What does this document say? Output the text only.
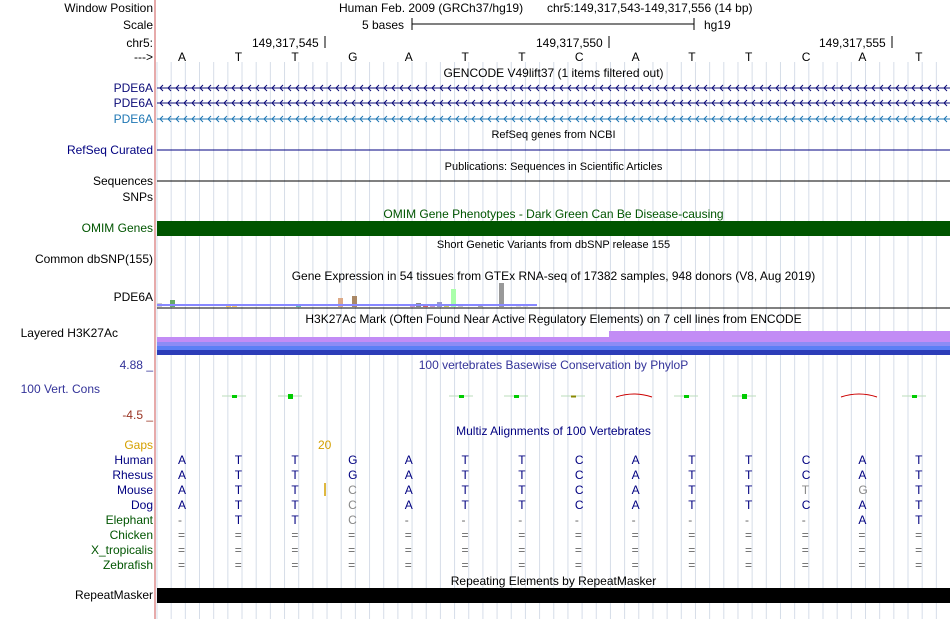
Window Position
Scale
chr5:
--->
Human Feb. 2009 (GRCh37/hg19) chr5:149,317,543-149,317,556 (14 bp)
5 bases	hg19
149,317,545	149,317,550	149,317,555
A	T	T	G	A	T	T	C	A	T	T	C	A	T
GENCODE V49lift37 (1 items filtered out)
PDE6A
PDE6A
PDE6A
RefSeq genes from NCBI
RefSeq Curated
Publications: Sequences in Scientific Articles
Sequences
SNPs
OMIM Gene Phenotypes - Dark Green Can Be Disease-causing
OMIM Genes
Short Genetic Variants from dbSNP release 155
Common dbSNP(155)
Gene Expression in 54 tissues from GTEx RNA-seq of 17382 samples, 948 donors (V8, Aug 2019)
PDE6A
H3K27Ac Mark (Often Found Near Active Regulatory Elements) on 7 cell lines from ENCODE
Layered H3K27Ac
100 vertebrates Basewise Conservation by PhyloP
4.88 _
100 Vert. Cons
-4.5 _
Multiz Alignments of 100 Vertebrates
Gaps	20
Human A	T	T	G	A	T	T	C	A	T	T	C	A	T
Rhesus A	T	T	G	A	T	T	C	A	T	T	C	A	T
Mouse A	T	T	C	A	T	T	C	A	T	T	T	G	T
Dog A	T	T	C	A	T	T	C	A	T	T	C	A	T
Elephant -	T	T	C	-	-	-	-	-	-	-	-	A	T
Chicken =	=	=	=	=	=	=	=	=	=	=	=	=	=
X_tropicalis =	=	=	=	=	=	=	=	=	=	=	=	=	=
Zebrafish =	=	=	=	=	=	=	=	=	=	=	=	=	=
Repeating Elements by RepeatMasker
RepeatMasker
